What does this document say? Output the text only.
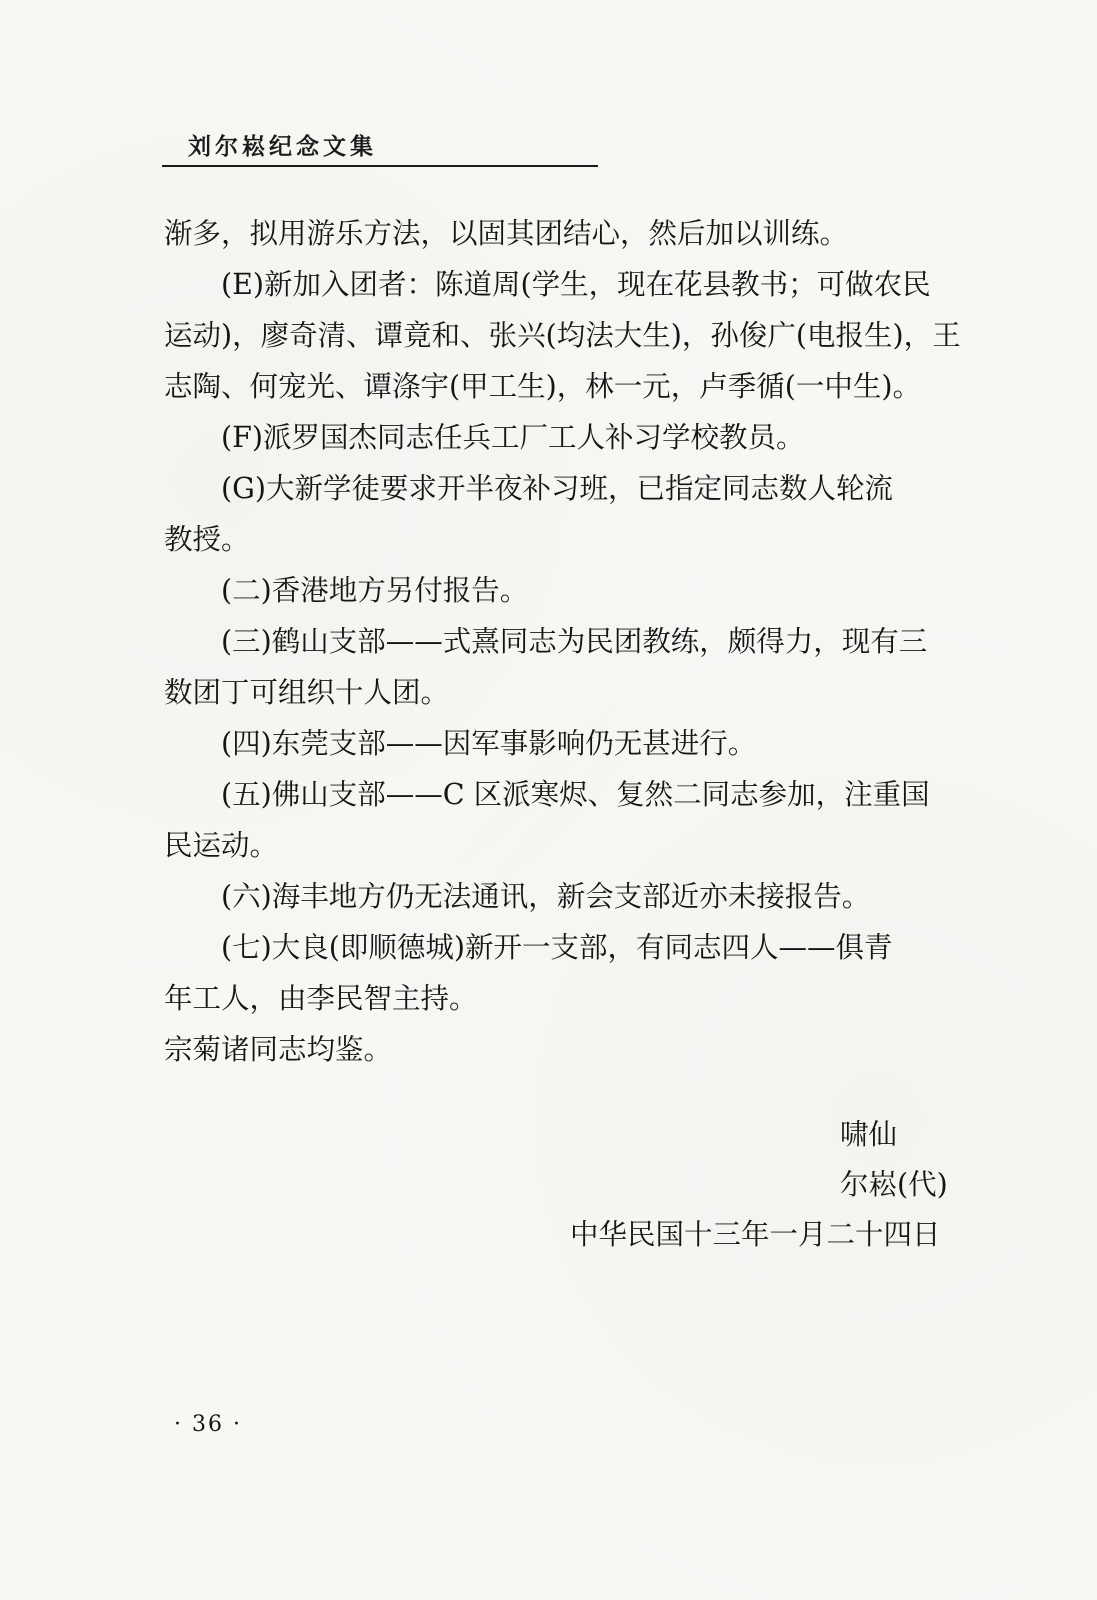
刘尔崧纪念文集
渐多，拟用游乐方法，以固其团结心，然后加以训练。
(E)新加入团者：陈道周(学生，现在花县教书；可做农民
运动)，廖奇清、谭竟和、张兴(均法大生)，孙俊广(电报生)，王
志陶、何宠光、谭涤宇(甲工生)，林一元，卢季循(一中生)。
(F)派罗国杰同志任兵工厂工人补习学校教员。
(G)大新学徒要求开半夜补习班，已指定同志数人轮流
教授。
(二)香港地方另付报告。
(三)鹤山支部——式熹同志为民团教练，颇得力，现有三
数团丁可组织十人团。
(四)东莞支部——因军事影响仍无甚进行。
(五)佛山支部——C 区派寒烬、复然二同志参加，注重国
民运动。
(六)海丰地方仍无法通讯，新会支部近亦未接报告。
(七)大良(即顺德城)新开一支部，有同志四人——俱青
年工人，由李民智主持。
宗菊诸同志均鉴。
啸仙
尔崧(代)
中华民国十三年一月二十四日
· 36 ·
